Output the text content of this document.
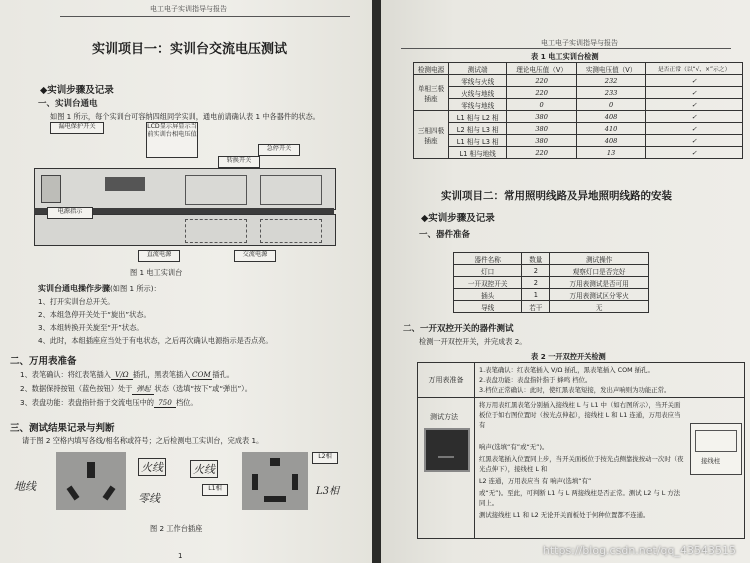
电工电子实训指导与报告
实训项目一：实训台交流电压测试
◆实训步骤及记录
一、实训台通电
如图 1 所示，每个实训台可容纳四组同学实训，通电前请确认表 1 中各器件的状态。
漏电保护开关	LCD显示屏显示当前实训台相电压值
转换开关
急停开关
电源指示
直流电源	交流电源
图 1 电工实训台
实训台通电操作步骤(如图 1 所示)：
1、打开实训台总开关。
2、本组急停开关处于“旋出”状态。
3、本组转换开关旋至“开”状态。
4、此时，本组插座应当处于有电状态，之后再次确认电源指示是否点亮。
二、万用表准备
1、表笔确认：将红表笔插入 V/Ω 插孔，黑表笔插入 COM 插孔。
2、数据保持按钮（蓝色按钮）处于 弹起 状态（选填“按下”或“弹出”）。
3、表盘功能：表盘指针指于交流电压中的 750 档位。
三、测试结果记录与判断
请于图 2 空格内填写各线/相名称或符号；之后检测电工实训台，完成表 1。
地线
火线
零线
火线
L2相
L1相	L3相
图 2 工作台插座
1
电工电子实训指导与报告
表 1 电工实训台检测
检测电源	测试端	理论电压值（V）	实测电压值（V）	是否正常（以“√、×”示之）
单相三极插座	零线与火线	220	232	✓
	火线与地线	220	233	✓
	零线与地线	0	0	✓
三相四极插座	L1 相与 L2 相	380	408	✓
	L2 相与 L3 相	380	410	✓
	L1 相与 L3 相	380	408	✓
	L1 相与地线	220	13	✓
实训项目二：常用照明线路及异地照明线路的安装
◆实训步骤及记录
一、器件准备
器件名称	数量	测试操作
灯口	2	观察灯口是否完好
一开双控开关	2	万用表测试是否可用
插头	1	万用表测试区分零火
导线	若干	无
二、一开双控开关的器件测试
检测一开双控开关，并完成表 2。
表 2 一开双控开关检测
万用表准备
1.表笔确认：红表笔插入 V/Ω 插孔，黑表笔插入 COM 插孔。
2.表盘功能：表盘指针指于 蜂鸣 档位。
3.档位正常确认：此时，使红黑表笔短接，发出声响则为功能正常。
测试方法
将万用表红黑表笔分别插入接线柱 L 与 L1 中（如右图所示），当开关面板位于如右图位置时（按光点伸起），接线柱 L 和 L1 连通，万用表应当 有
响声(选填“有”或“无”)。
红黑表笔插入位置同上步，当开关面板位于按光点侧靠拢按动一次时（夜光点伸下），接线柱 L 和
L2 连通，万用表应当 有 响声(选填“有”
或“无”)。至此，可判断 L1 与 L 两接线柱是否正常。测试 L2 与 L 方法同上。
测试接线柱 L1 和 L2 无论开关面板处于何种位置都不连通。
接线柱
https://blog.csdn.net/qq_43543515
